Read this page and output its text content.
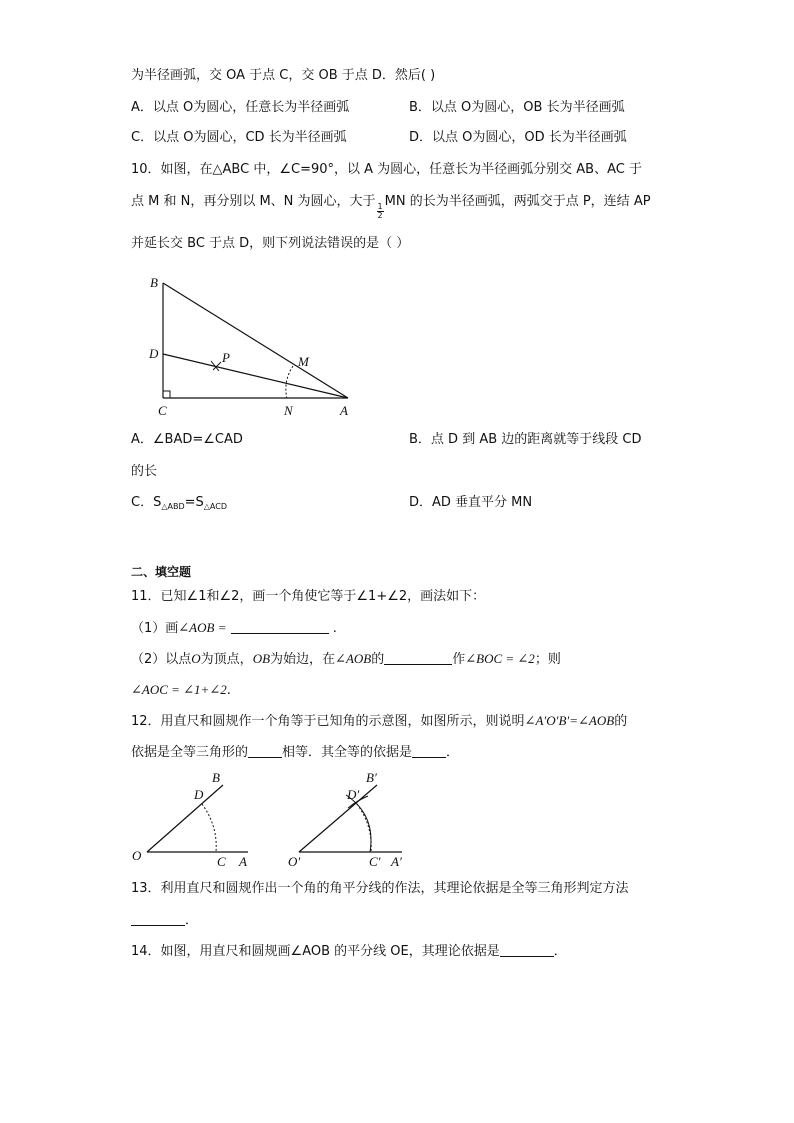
为半径画弧，交 OA 于点 C，交 OB 于点 D．然后( )
A．以点 O为圆心，任意长为半径画弧	B．以点 O为圆心，OB 长为半径画弧
C．以点 O为圆心，CD 长为半径画弧	D．以点 O为圆心，OD 长为半径画弧
10．如图，在△ABC 中，∠C=90°，以 A 为圆心，任意长为半径画弧分别交 AB、AC 于
点 M 和 N，再分别以 M、N 为圆心，大于
$\frac{1}{2}$
MN 的长为半径画弧，两弧交于点 P，连结 AP
并延长交 BC 于点 D，则下列说法错误的是（ ）
B
D
C
P	M
N	A
A．∠BAD=∠CAD	B．点 D 到 AB 边的距离就等于线段 CD
的长
C．$S_{\triangle ABD}=S_{\triangle ACD}$	D．AD 垂直平分 MN
二、填空题
11．已知∠1和∠2，画一个角使它等于∠1+∠2，画法如下：
（1）画∠AOB =	.
（2）以点O为顶点，OB为始边，在∠AOB的	作∠BOC = ∠2；则
∠AOC = ∠1+∠2.
12．用直尺和圆规作一个角等于已知角的示意图，如图所示，则说明∠A′O′B′=∠AOB的
依据是全等三角形的	相等．其全等的依据是	．
O
B
D
C A	O′
B′
D′
C′ A′
13．利用直尺和圆规作出一个角的角平分线的作法，其理论依据是全等三角形判定方法
．
14．如图，用直尺和圆规画∠AOB 的平分线 OE，其理论依据是	．
